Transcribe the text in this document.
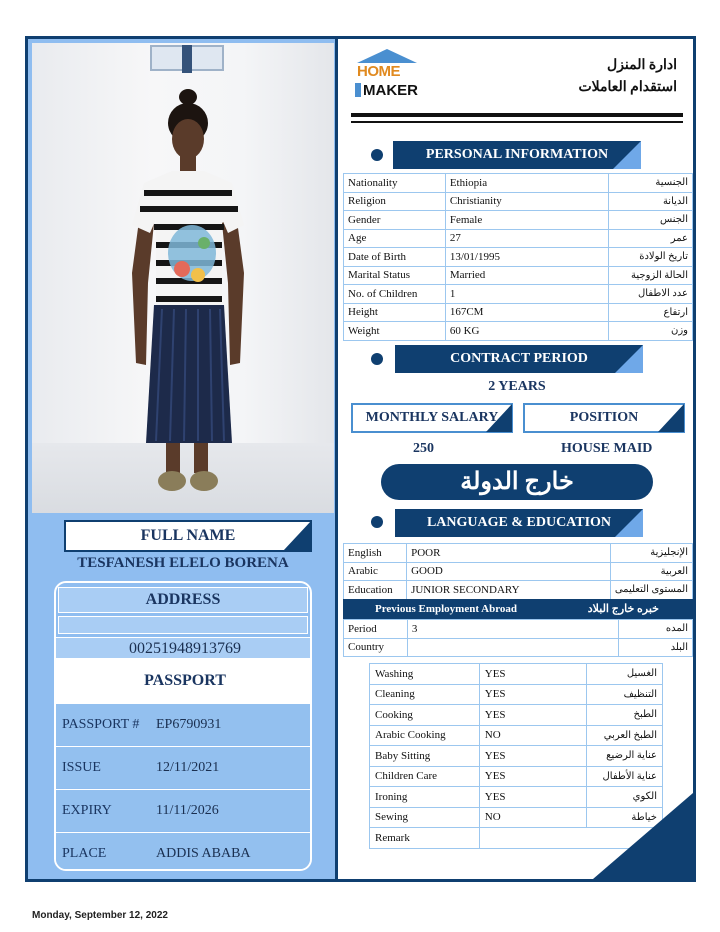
FULL NAME
TESFANESH ELELO BORENA
ADDRESS
00251948913769
PASSPORT
PASSPORT # EP6790931
ISSUE	12/11/2021
EXPIRY	11/11/2026
PLACE	ADDIS ABABA
HOME
MAKER
ادارة المنزل
استقدام العاملات
PERSONAL INFORMATION
Nationality	Ethiopia	الجنسية
Religion	Christianity	الديانة
Gender	Female	الجنس
Age	27	عمر
Date of Birth	13/01/1995	تاريخ الولادة
Marital Status	Married	الحالة الزوجية
No. of Children	1	عدد الاطفال
Height	167CM	ارتفاع
Weight	60 KG	وزن
CONTRACT PERIOD
2 YEARS
MONTHLY SALARY	POSITION
250	HOUSE MAID
خارج الدولة
LANGUAGE & EDUCATION
English	POOR	الإنجليزية
Arabic	GOOD	العربية
Education	JUNIOR SECONDARY	المستوى التعليمى
Previous Employment Abroad	خبره خارج البلاد
Period	3	المده
Country		البلد
Washing	YES	الغسيل
Cleaning	YES	التنظيف
Cooking	YES	الطبخ
Arabic Cooking	NO	الطبخ العربي
Baby Sitting	YES	عناية الرضيع
Children Care	YES	عناية الأطفال
Ironing	YES	الكوي
Sewing	NO	خياطة
Remark		
Monday, September 12, 2022
